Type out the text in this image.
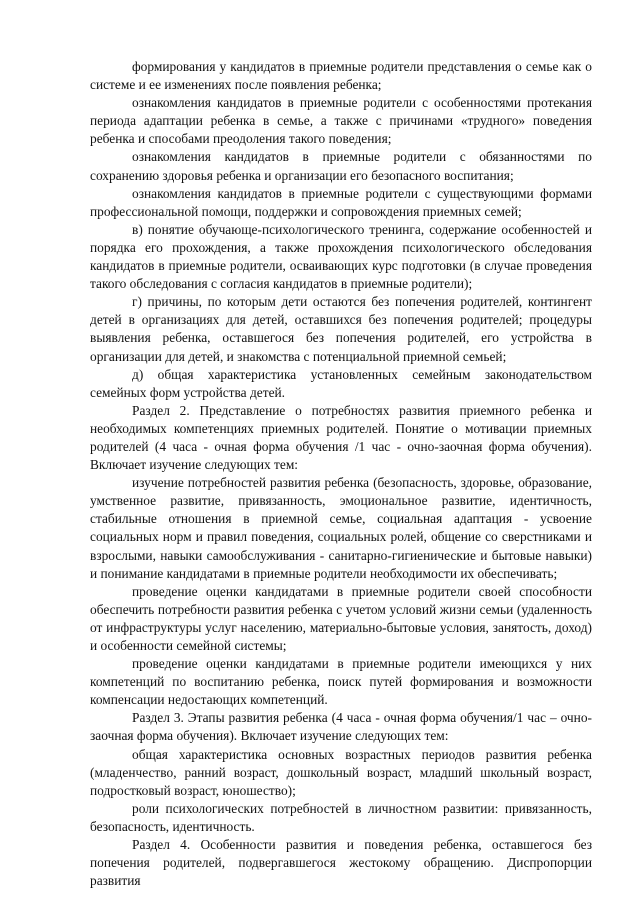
формирования у кандидатов в приемные родители представления о семье как о системе и ее изменениях после появления ребенка;

ознакомления кандидатов в приемные родители с особенностями протекания периода адаптации ребенка в семье, а также с причинами «трудного» поведения ребенка и способами преодоления такого поведения;

ознакомления кандидатов в приемные родители с обязанностями по сохранению здоровья ребенка и организации его безопасного воспитания;

ознакомления кандидатов в приемные родители с существующими формами профессиональной помощи, поддержки и сопровождения приемных семей;

в) понятие обучающе-психологического тренинга, содержание особенностей и порядка его прохождения, а также прохождения психологического обследования кандидатов в приемные родители, осваивающих курс подготовки (в случае проведения такого обследования с согласия кандидатов в приемные родители);

г) причины, по которым дети остаются без попечения родителей, контингент детей в организациях для детей, оставшихся без попечения родителей; процедуры выявления ребенка, оставшегося без попечения родителей, его устройства в организации для детей, и знакомства с потенциальной приемной семьей;

д) общая характеристика установленных семейным законодательством семейных форм устройства детей.

Раздел 2. Представление о потребностях развития приемного ребенка и необходимых компетенциях приемных родителей. Понятие о мотивации приемных родителей (4 часа - очная форма обучения /1 час - очно-заочная форма обучения). Включает изучение следующих тем:

изучение потребностей развития ребенка (безопасность, здоровье, образование, умственное развитие, привязанность, эмоциональное развитие, идентичность, стабильные отношения в приемной семье, социальная адаптация - усвоение социальных норм и правил поведения, социальных ролей, общение со сверстниками и взрослыми, навыки самообслуживания - санитарно-гигиенические и бытовые навыки) и понимание кандидатами в приемные родители необходимости их обеспечивать;

проведение оценки кандидатами в приемные родители своей способности обеспечить потребности развития ребенка с учетом условий жизни семьи (удаленность от инфраструктуры услуг населению, материально-бытовые условия, занятость, доход) и особенности семейной системы;

проведение оценки кандидатами в приемные родители имеющихся у них компетенций по воспитанию ребенка, поиск путей формирования и возможности компенсации недостающих компетенций.

Раздел 3. Этапы развития ребенка (4 часа - очная форма обучения/1 час – очно-заочная форма обучения). Включает изучение следующих тем:

общая характеристика основных возрастных периодов развития ребенка (младенчество, ранний возраст, дошкольный возраст, младший школьный возраст, подростковый возраст, юношество);

роли психологических потребностей в личностном развитии: привязанность, безопасность, идентичность.

Раздел 4. Особенности развития и поведения ребенка, оставшегося без попечения родителей, подвергавшегося жестокому обращению. Диспропорции развития
